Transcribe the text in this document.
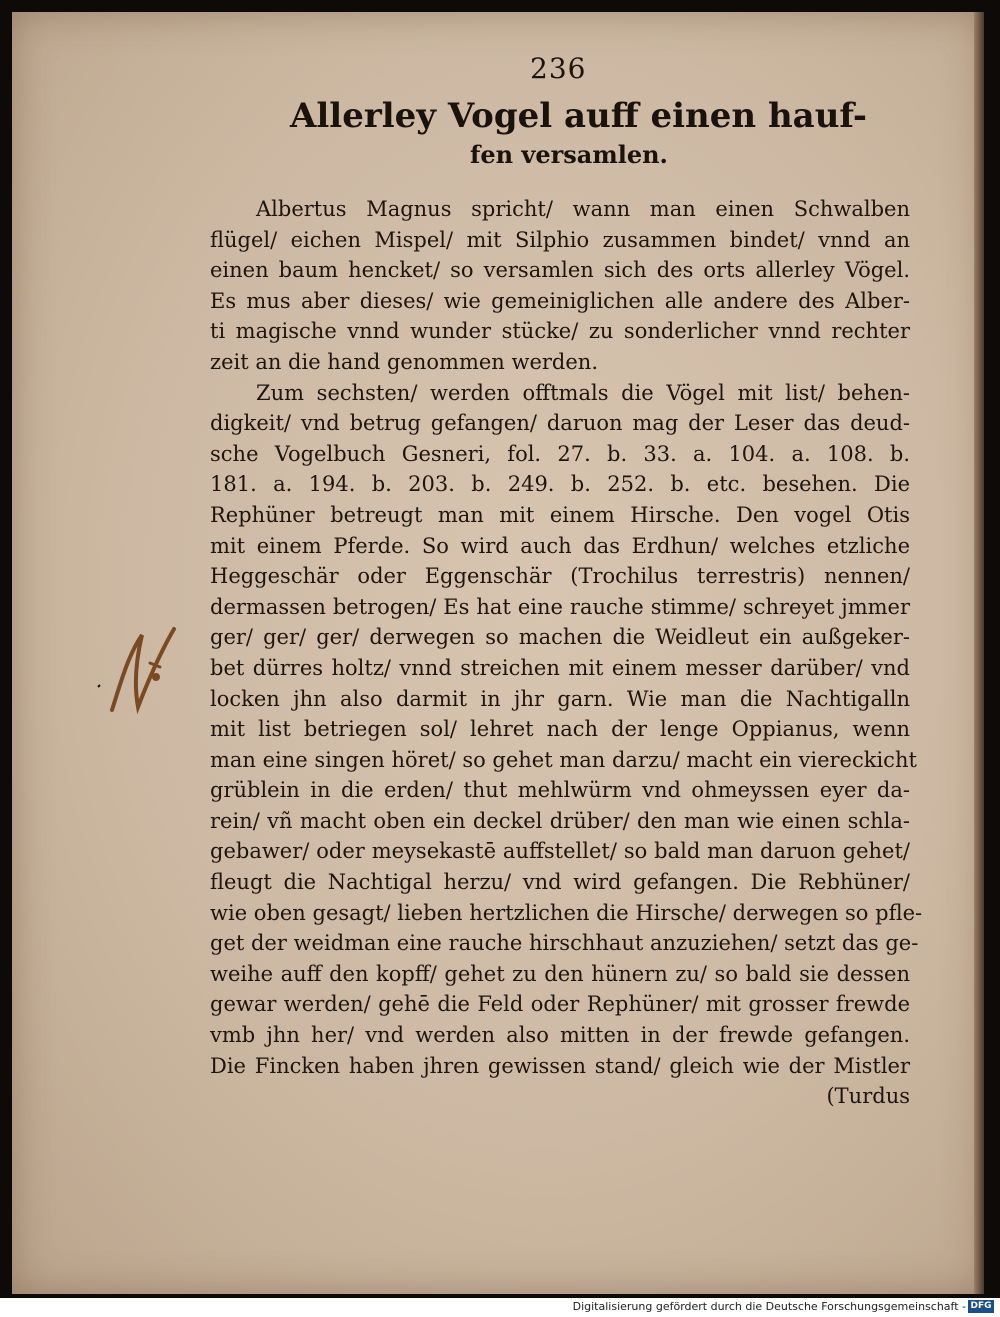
236
Allerley Vogel auff einen hauf-
fen versamlen.
Albertus Magnus spricht/ wann man einen Schwalben
flügel/ eichen Mispel/ mit Silphio zusammen bindet/ vnnd an
einen baum hencket/ so versamlen sich des orts allerley Vögel.
Es mus aber dieses/ wie gemeiniglichen alle andere des Alber-
ti magische vnnd wunder stücke/ zu sonderlicher vnnd rechter
zeit an die hand genommen werden.
Zum sechsten/ werden offtmals die Vögel mit list/ behen-
digkeit/ vnd betrug gefangen/ daruon mag der Leser das deud-
sche Vogelbuch Gesneri, fol. 27. b. 33. a. 104. a. 108. b.
181. a. 194. b. 203. b. 249. b. 252. b. etc. besehen. Die
Rephüner betreugt man mit einem Hirsche. Den vogel Otis
mit einem Pferde. So wird auch das Erdhun/ welches etzliche
Heggeschär oder Eggenschär (Trochilus terrestris) nennen/
dermassen betrogen/ Es hat eine rauche stimme/ schreyet jmmer
ger/ ger/ ger/ derwegen so machen die Weidleut ein außgeker-
bet dürres holtz/ vnnd streichen mit einem messer darüber/ vnd
locken jhn also darmit in jhr garn. Wie man die Nachtigalln
mit list betriegen sol/ lehret nach der lenge Oppianus, wenn
man eine singen höret/ so gehet man darzu/ macht ein viereckicht
grüblein in die erden/ thut mehlwürm vnd ohmeyssen eyer da-
rein/ vñ macht oben ein deckel drüber/ den man wie einen schla-
gebawer/ oder meysekastē auffstellet/ so bald man daruon gehet/
fleugt die Nachtigal herzu/ vnd wird gefangen. Die Rebhüner/
wie oben gesagt/ lieben hertzlichen die Hirsche/ derwegen so pfle-
get der weidman eine rauche hirschhaut anzuziehen/ setzt das ge-
weihe auff den kopff/ gehet zu den hünern zu/ so bald sie dessen
gewar werden/ gehē die Feld oder Rephüner/ mit grosser frewde
vmb jhn her/ vnd werden also mitten in der frewde gefangen.
Die Fincken haben jhren gewissen stand/ gleich wie der Mistler
(Turdus
Digitalisierung gefördert durch die Deutsche Forschungsgemeinschaft - DFG
